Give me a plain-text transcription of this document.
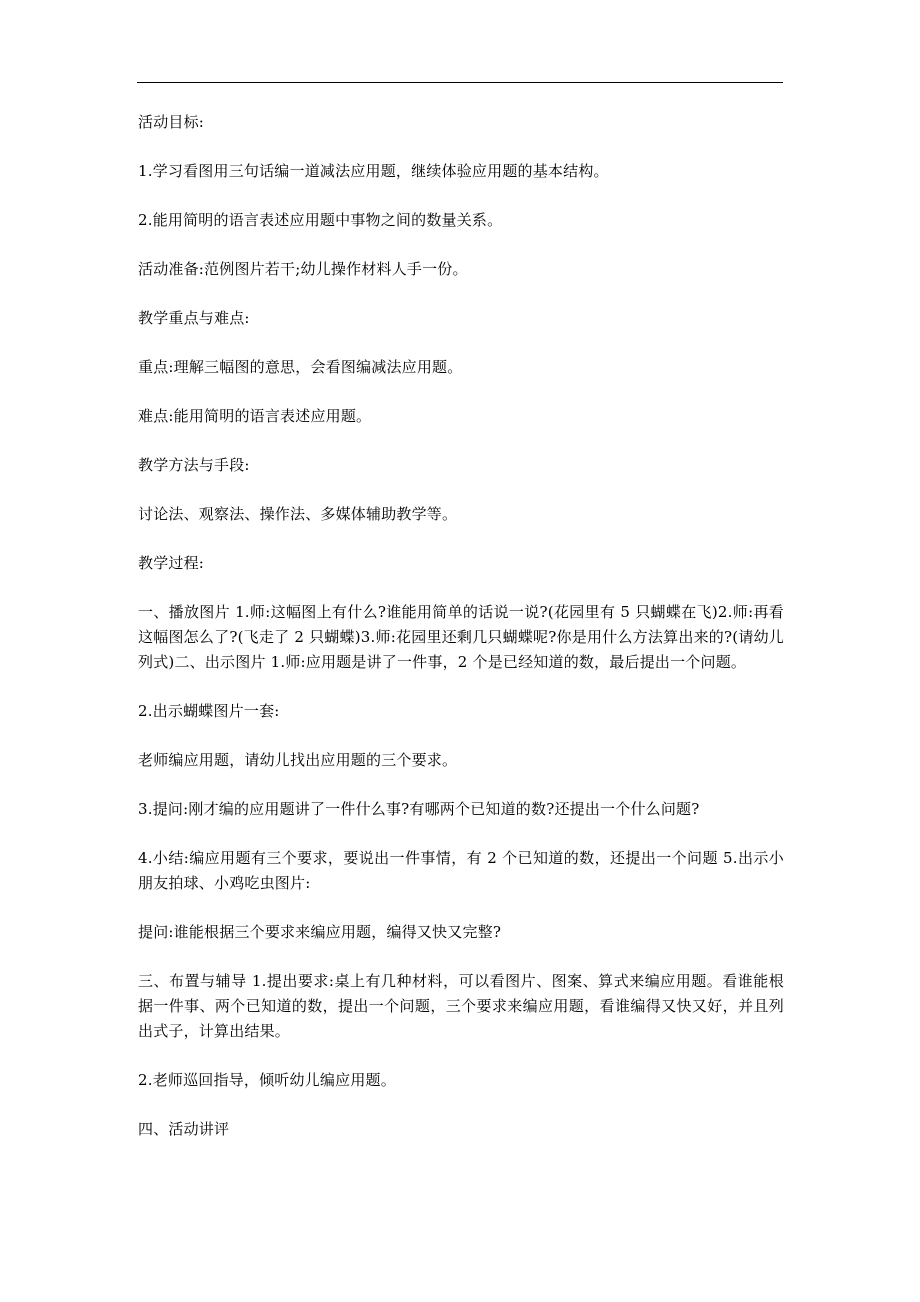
活动目标:

1.学习看图用三句话编一道减法应用题，继续体验应用题的基本结构。

2.能用简明的语言表述应用题中事物之间的数量关系。

活动准备:范例图片若干;幼儿操作材料人手一份。

教学重点与难点:

重点:理解三幅图的意思，会看图编减法应用题。

难点:能用简明的语言表述应用题。

教学方法与手段:

讨论法、观察法、操作法、多媒体辅助教学等。

教学过程:

一、播放图片 1.师:这幅图上有什么?谁能用简单的话说一说?(花园里有 5 只蝴蝶在飞)2.师:再看这幅图怎么了?(飞走了 2 只蝴蝶)3.师:花园里还剩几只蝴蝶呢?你是用什么方法算出来的?(请幼儿列式)二、出示图片 1.师:应用题是讲了一件事，2 个是已经知道的数，最后提出一个问题。

2.出示蝴蝶图片一套:

老师编应用题，请幼儿找出应用题的三个要求。

3.提问:刚才编的应用题讲了一件什么事?有哪两个已知道的数?还提出一个什么问题?

4.小结:编应用题有三个要求，要说出一件事情，有 2 个已知道的数，还提出一个问题 5.出示小朋友拍球、小鸡吃虫图片:

提问:谁能根据三个要求来编应用题，编得又快又完整?

三、布置与辅导 1.提出要求:桌上有几种材料，可以看图片、图案、算式来编应用题。看谁能根据一件事、两个已知道的数，提出一个问题，三个要求来编应用题，看谁编得又快又好，并且列出式子，计算出结果。

2.老师巡回指导，倾听幼儿编应用题。

四、活动讲评
